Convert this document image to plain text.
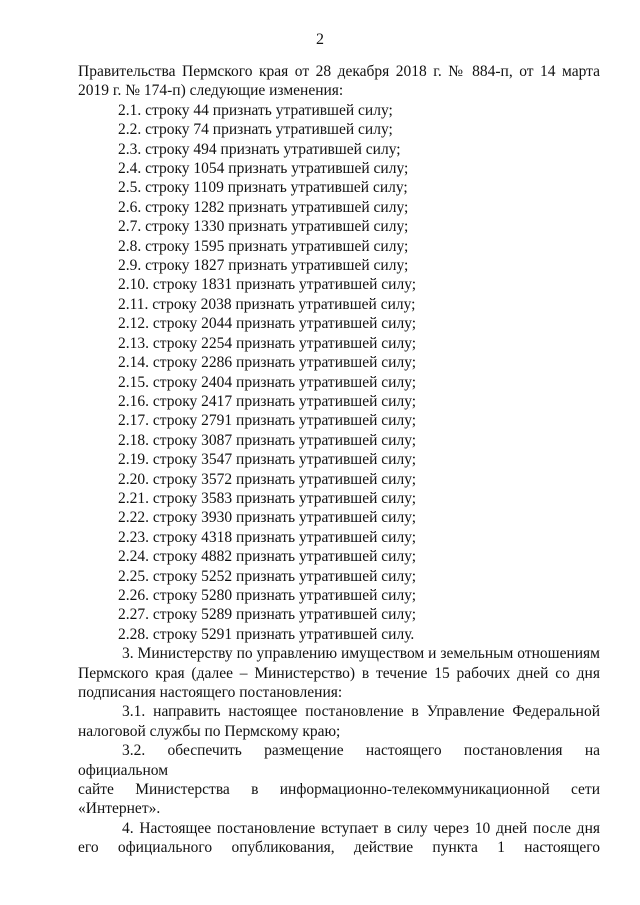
2

Правительства Пермского края от 28 декабря 2018 г. № 884-п, от 14 марта

2019 г. № 174-п) следующие изменения:

2.1. строку 44 признать утратившей силу;

2.2. строку 74 признать утратившей силу;

2.3. строку 494 признать утратившей силу;

2.4. строку 1054 признать утратившей силу;

2.5. строку 1109 признать утратившей силу;

2.6. строку 1282 признать утратившей силу;

2.7. строку 1330 признать утратившей силу;

2.8. строку 1595 признать утратившей силу;

2.9. строку 1827 признать утратившей силу;

2.10. строку 1831 признать утратившей силу;

2.11. строку 2038 признать утратившей силу;

2.12. строку 2044 признать утратившей силу;

2.13. строку 2254 признать утратившей силу;

2.14. строку 2286 признать утратившей силу;

2.15. строку 2404 признать утратившей силу;

2.16. строку 2417 признать утратившей силу;

2.17. строку 2791 признать утратившей силу;

2.18. строку 3087 признать утратившей силу;

2.19. строку 3547 признать утратившей силу;

2.20. строку 3572 признать утратившей силу;

2.21. строку 3583 признать утратившей силу;

2.22. строку 3930 признать утратившей силу;

2.23. строку 4318 признать утратившей силу;

2.24. строку 4882 признать утратившей силу;

2.25. строку 5252 признать утратившей силу;

2.26. строку 5280 признать утратившей силу;

2.27. строку 5289 признать утратившей силу;

2.28. строку 5291 признать утратившей силу.

3. Министерству по управлению имуществом и земельным отношениям

Пермского края (далее – Министерство) в течение 15 рабочих дней со дня

подписания настоящего постановления:

3.1. направить настоящее постановление в Управление Федеральной

налоговой службы по Пермскому краю;

3.2. обеспечить размещение настоящего постановления на официальном

сайте Министерства в информационно-телекоммуникационной сети

«Интернет».

4. Настоящее постановление вступает в силу через 10 дней после дня

его официального опубликования, действие пункта 1 настоящего
